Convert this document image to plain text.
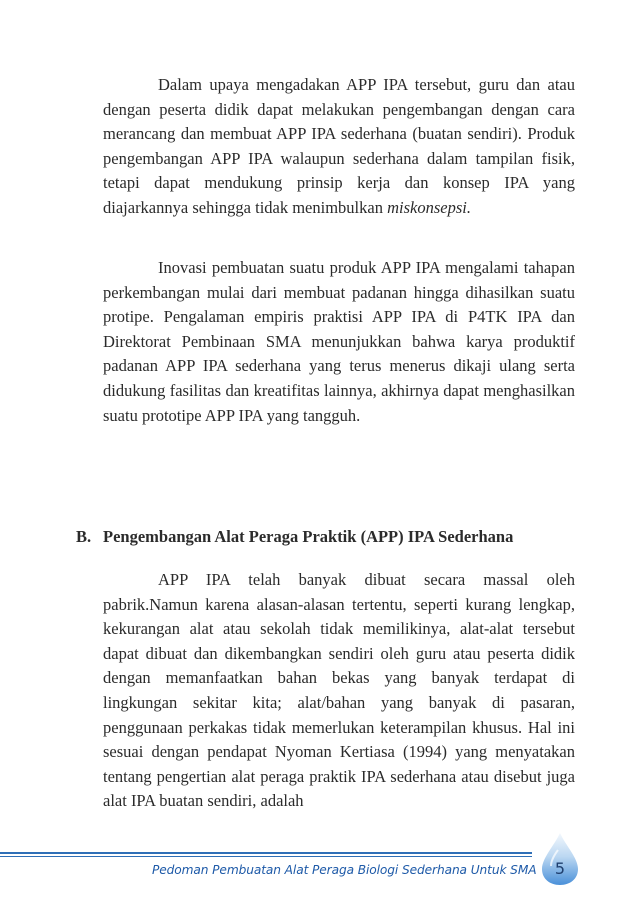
Dalam upaya mengadakan APP IPA tersebut, guru dan atau dengan peserta didik dapat melakukan pengembangan dengan cara merancang dan membuat APP IPA sederhana (buatan sendiri). Produk pengembangan APP IPA walaupun sederhana dalam tampilan fisik, tetapi dapat mendukung prinsip kerja dan konsep IPA yang diajarkannya sehingga tidak menimbulkan miskonsepsi.

Inovasi pembuatan suatu produk APP IPA mengalami tahapan perkembangan mulai dari membuat padanan hingga dihasilkan suatu protipe. Pengalaman empiris praktisi APP IPA di P4TK IPA dan Direktorat Pembinaan SMA menunjukkan bahwa karya produktif padanan APP IPA sederhana yang terus menerus dikaji ulang serta didukung fasilitas dan kreatifitas lainnya, akhirnya dapat menghasilkan suatu prototipe APP IPA yang tangguh.

B. Pengembangan Alat Peraga Praktik (APP) IPA Sederhana

APP IPA telah banyak dibuat secara massal oleh pabrik.Namun karena alasan-alasan tertentu, seperti kurang lengkap, kekurangan alat atau sekolah tidak memilikinya, alat-alat tersebut dapat dibuat dan dikembangkan sendiri oleh guru atau peserta didik dengan memanfaatkan bahan bekas yang banyak terdapat di lingkungan sekitar kita; alat/bahan yang banyak di pasaran, penggunaan perkakas tidak memerlukan keterampilan khusus. Hal ini sesuai dengan pendapat Nyoman Kertiasa (1994) yang menyatakan tentang pengertian alat peraga praktik IPA sederhana atau disebut juga alat IPA buatan sendiri, adalah

Pedoman Pembuatan Alat Peraga Biologi Sederhana Untuk SMA	5
